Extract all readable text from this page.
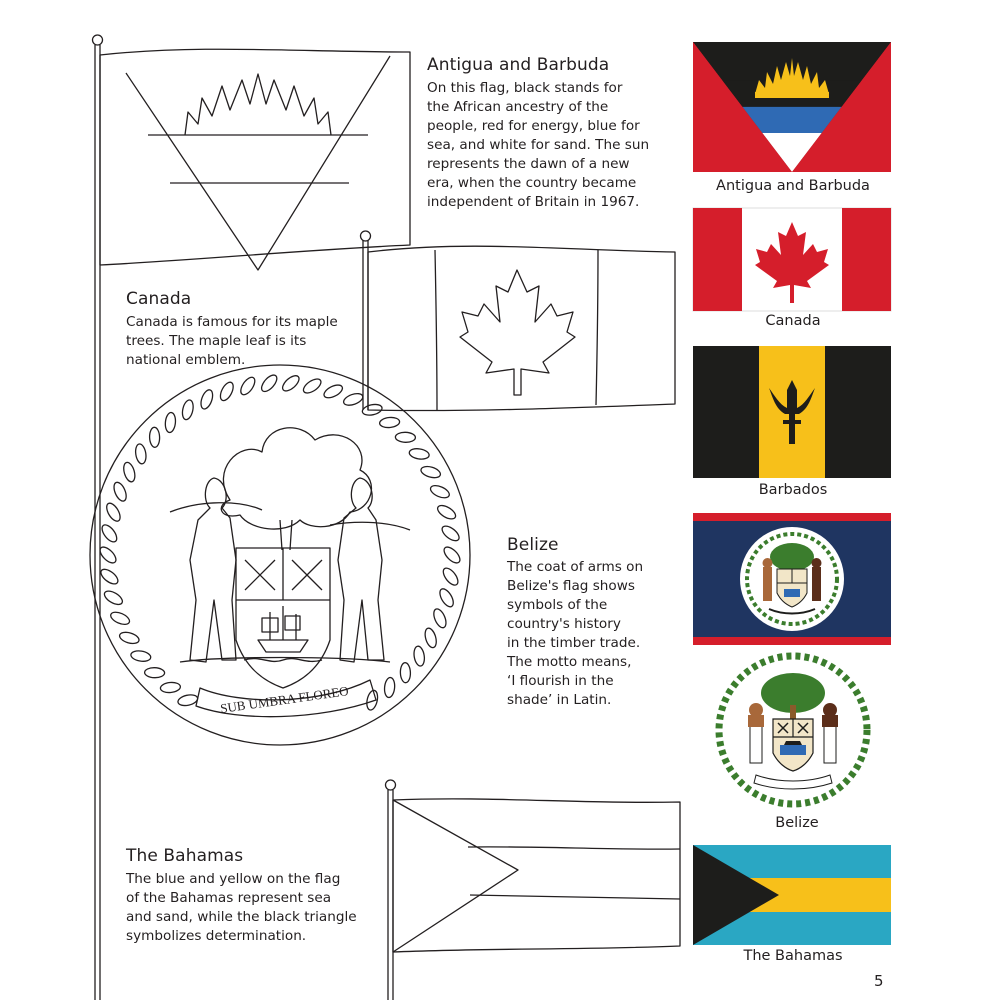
SUB UMBRA FLOREO
Antigua and Barbuda
On this flag, black stands for
the African ancestry of the
people, red for energy, blue for
sea, and white for sand. The sun
represents the dawn of a new
era, when the country became
independent of Britain in 1967.
Canada
Canada is famous for its maple
trees. The maple leaf is its
national emblem.
Belize
The coat of arms on
Belize's flag shows
symbols of the
country's history
in the timber trade.
The motto means,
‘I flourish in the
shade’ in Latin.
The Bahamas
The blue and yellow on the flag
of the Bahamas represent sea
and sand, while the black triangle
symbolizes determination.
Antigua and Barbuda
Canada
Barbados
Belize
The Bahamas
5
